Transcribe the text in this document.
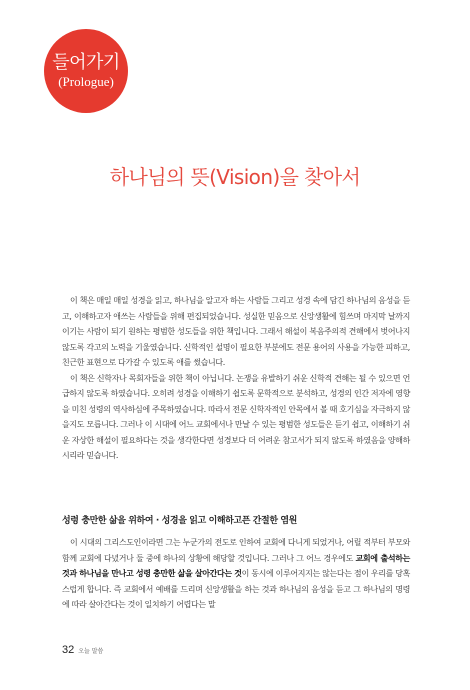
들어가기
(Prologue)
하나님의 뜻(Vision)을 찾아서

이 책은 매일 매일 성경을 읽고, 하나님을 알고자 하는 사람들 그리고 성경 속에 담긴 하나님의 음성을 듣고, 이해하고자 애쓰는 사람들을 위해 편집되었습니다. 성실한 믿음으로 신앙생활에 힘쓰며 마지막 날까지 이기는 사람이 되기 원하는 평범한 성도들을 위한 책입니다. 그래서 해설이 복음주의적 견해에서 벗어나지 않도록 각고의 노력을 기울였습니다. 신학적인 설명이 필요한 부분에도 전문 용어의 사용을 가능한 피하고, 친근한 표현으로 다가갈 수 있도록 애를 썼습니다.

이 책은 신학자나 목회자들을 위한 책이 아닙니다. 논쟁을 유발하기 쉬운 신학적 견해는 될 수 있으면 언급하지 않도록 하였습니다. 오히려 성경을 이해하기 쉽도록 문학적으로 분석하고, 성경의 인간 저자에 영향을 미친 성령의 역사하심에 주목하였습니다. 따라서 전문 신학자적인 안목에서 볼 때 호기심을 자극하지 않을지도 모릅니다. 그러나 이 시대에 어느 교회에서나 만날 수 있는 평범한 성도들은 듣기 쉽고, 이해하기 쉬운 자상한 해설이 필요하다는 것을 생각한다면 성경보다 더 어려운 참고서가 되지 않도록 하였음을 양해하시리라 믿습니다.

성령 충만한 삶을 위하여 · 성경을 읽고 이해하고픈 간절한 염원

이 시대의 그리스도인이라면 그는 누군가의 전도로 인하여 교회에 다니게 되었거나, 어릴 적부터 부모와 함께 교회에 다녔거나 둘 중에 하나의 상황에 해당할 것입니다. 그러나 그 어느 경우에도 교회에 출석하는 것과 하나님을 만나고 성령 충만한 삶을 살아간다는 것이 동시에 이루어지지는 않는다는 점이 우리를 당혹스럽게 합니다. 즉 교회에서 예배를 드리며 신앙생활을 하는 것과 하나님의 음성을 듣고 그 하나님의 명령에 따라 살아간다는 것이 일치하기 어렵다는 말

32 오늘 말씀
